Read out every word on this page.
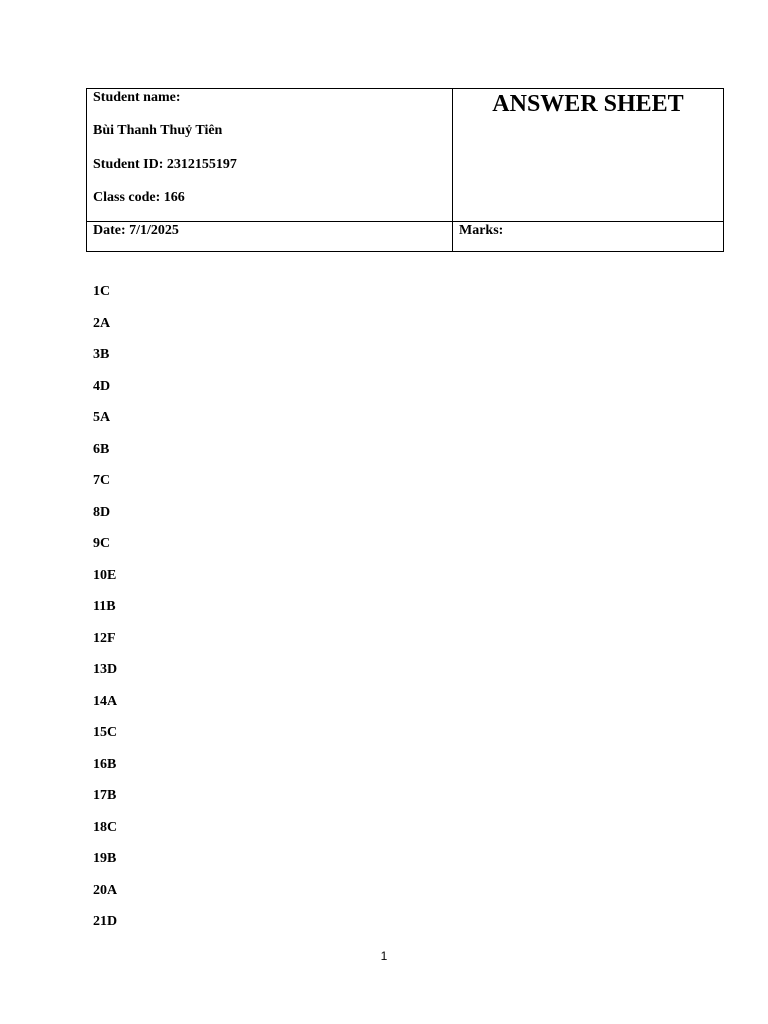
Student name:
Bùi Thanh Thuỷ Tiên
Student ID: 2312155197
Class code: 166
ANSWER SHEET
Date: 7/1/2025	Marks:
1C
2A
3B
4D
5A
6B
7C
8D
9C
10E
11B
12F
13D
14A
15C
16B
17B
18C
19B
20A
21D
1
